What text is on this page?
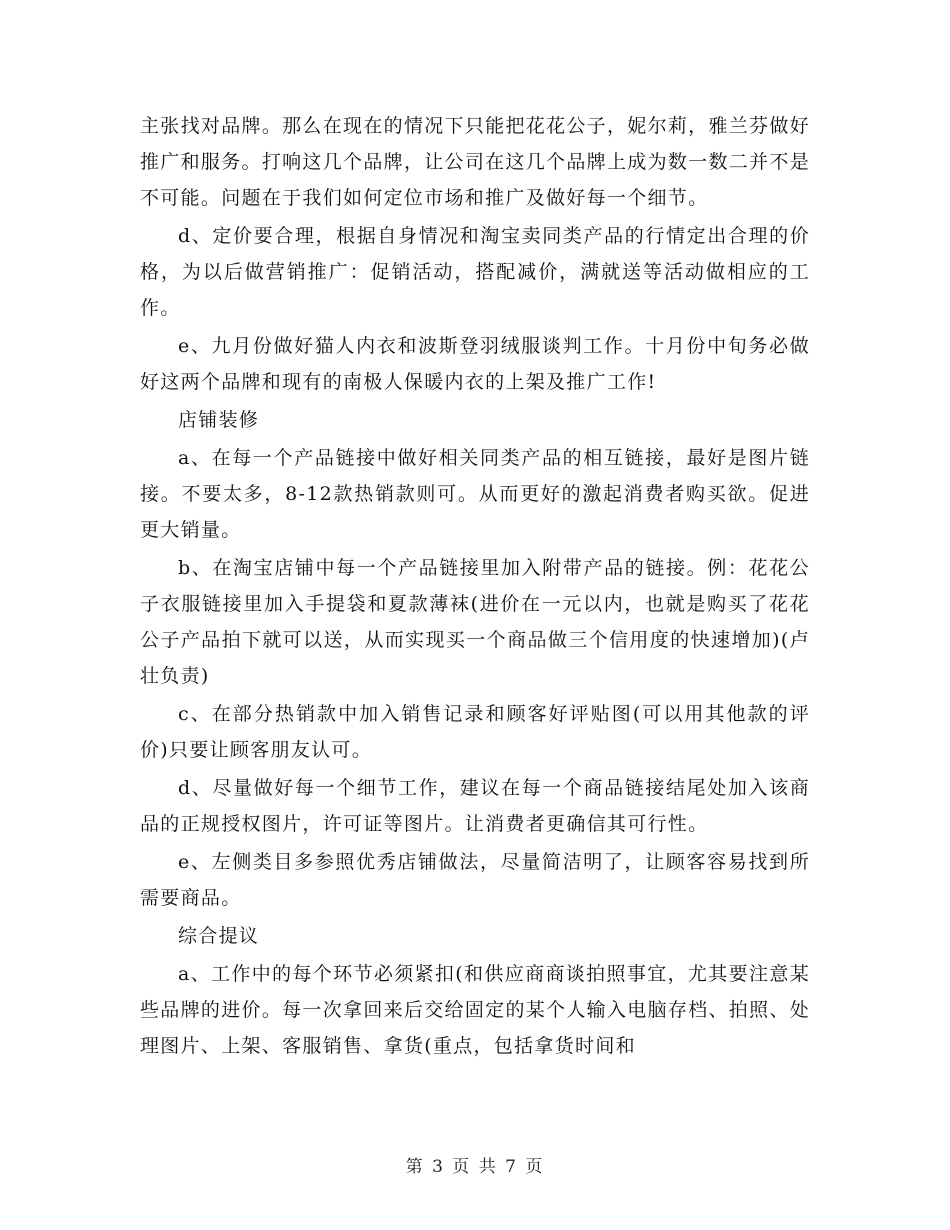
主张找对品牌。那么在现在的情况下只能把花花公子，妮尔莉，雅兰芬做好推广和服务。打响这几个品牌，让公司在这几个品牌上成为数一数二并不是不可能。问题在于我们如何定位市场和推广及做好每一个细节。

d、定价要合理，根据自身情况和淘宝卖同类产品的行情定出合理的价格，为以后做营销推广：促销活动，搭配减价，满就送等活动做相应的工作。

e、九月份做好猫人内衣和波斯登羽绒服谈判工作。十月份中旬务必做好这两个品牌和现有的南极人保暖内衣的上架及推广工作!

店铺装修

a、在每一个产品链接中做好相关同类产品的相互链接，最好是图片链接。不要太多，8-12款热销款则可。从而更好的激起消费者购买欲。促进更大销量。

b、在淘宝店铺中每一个产品链接里加入附带产品的链接。例：花花公子衣服链接里加入手提袋和夏款薄袜(进价在一元以内，也就是购买了花花公子产品拍下就可以送，从而实现买一个商品做三个信用度的快速增加)(卢壮负责)

c、在部分热销款中加入销售记录和顾客好评贴图(可以用其他款的评价)只要让顾客朋友认可。

d、尽量做好每一个细节工作，建议在每一个商品链接结尾处加入该商品的正规授权图片，许可证等图片。让消费者更确信其可行性。

e、左侧类目多参照优秀店铺做法，尽量简洁明了，让顾客容易找到所需要商品。

综合提议

a、工作中的每个环节必须紧扣(和供应商商谈拍照事宜，尤其要注意某些品牌的进价。每一次拿回来后交给固定的某个人输入电脑存档、拍照、处理图片、上架、客服销售、拿货(重点，包括拿货时间和

第 3 页 共 7 页
